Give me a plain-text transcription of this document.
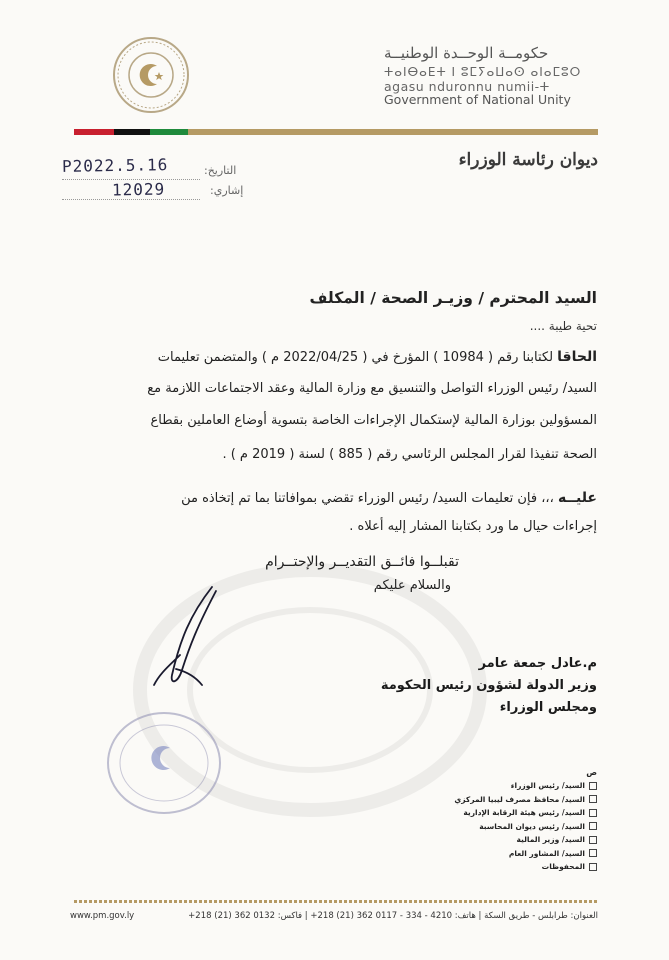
حكومــة الوحــدة الوطنيــة
ⵜⴰⵏⴱⴰⴹⵜ ⵏ ⵓⵎⵢⴰⵡⴰⵙ ⴰⵏⴰⵎⵓⵔ
agasu nduronnu numii-ⵜ
Government of National Unity
ديوان رئاسة الوزراء
التاريخ:
P2022.5.16
إشاري:
12029
السيد المحترم / وزيـر الصحة / المكلف
تحية طيبة ....
الحاقا لكتابنا رقم ( 10984 ) المؤرخ في ( 2022/04/25 م ) والمتضمن تعليمات
السيد/ رئيس الوزراء التواصل والتنسيق مع وزارة المالية وعقد الاجتماعات اللازمة مع
المسؤولين بوزارة المالية لإستكمال الإجراءات الخاصة بتسوية أوضاع العاملين بقطاع
الصحة تنفيذا لقرار المجلس الرئاسي رقم ( 885 ) لسنة ( 2019 م ) .
عليــه ،،، فإن تعليمات السيد/ رئيس الوزراء تقضي بموافاتنا بما تم إتخاذه من
إجراءات حيال ما ورد بكتابنا المشار إليه أعلاه .
تقبلــوا فائــق التقديــر والإحتــرام
والسلام عليكم
م.عادل جمعة عامر
وزير الدولة لشؤون رئيس الحكومة
ومجلس الوزراء
ص
السيد/ رئيس الوزراء
السيد/ محافظ مصرف ليبيا المركزي
السيد/ رئيس هيئة الرقابة الإدارية
السيد/ رئيس ديوان المحاسبة
السيد/ وزير المالية
السيد/ المشاور العام
المحفوظات
العنوان: طرابلس - طريق السكة | هاتف: 4210 - 334 - 0117 362 (21) 218+ | فاكس: 0132 362 (21) 218+
www.pm.gov.ly
